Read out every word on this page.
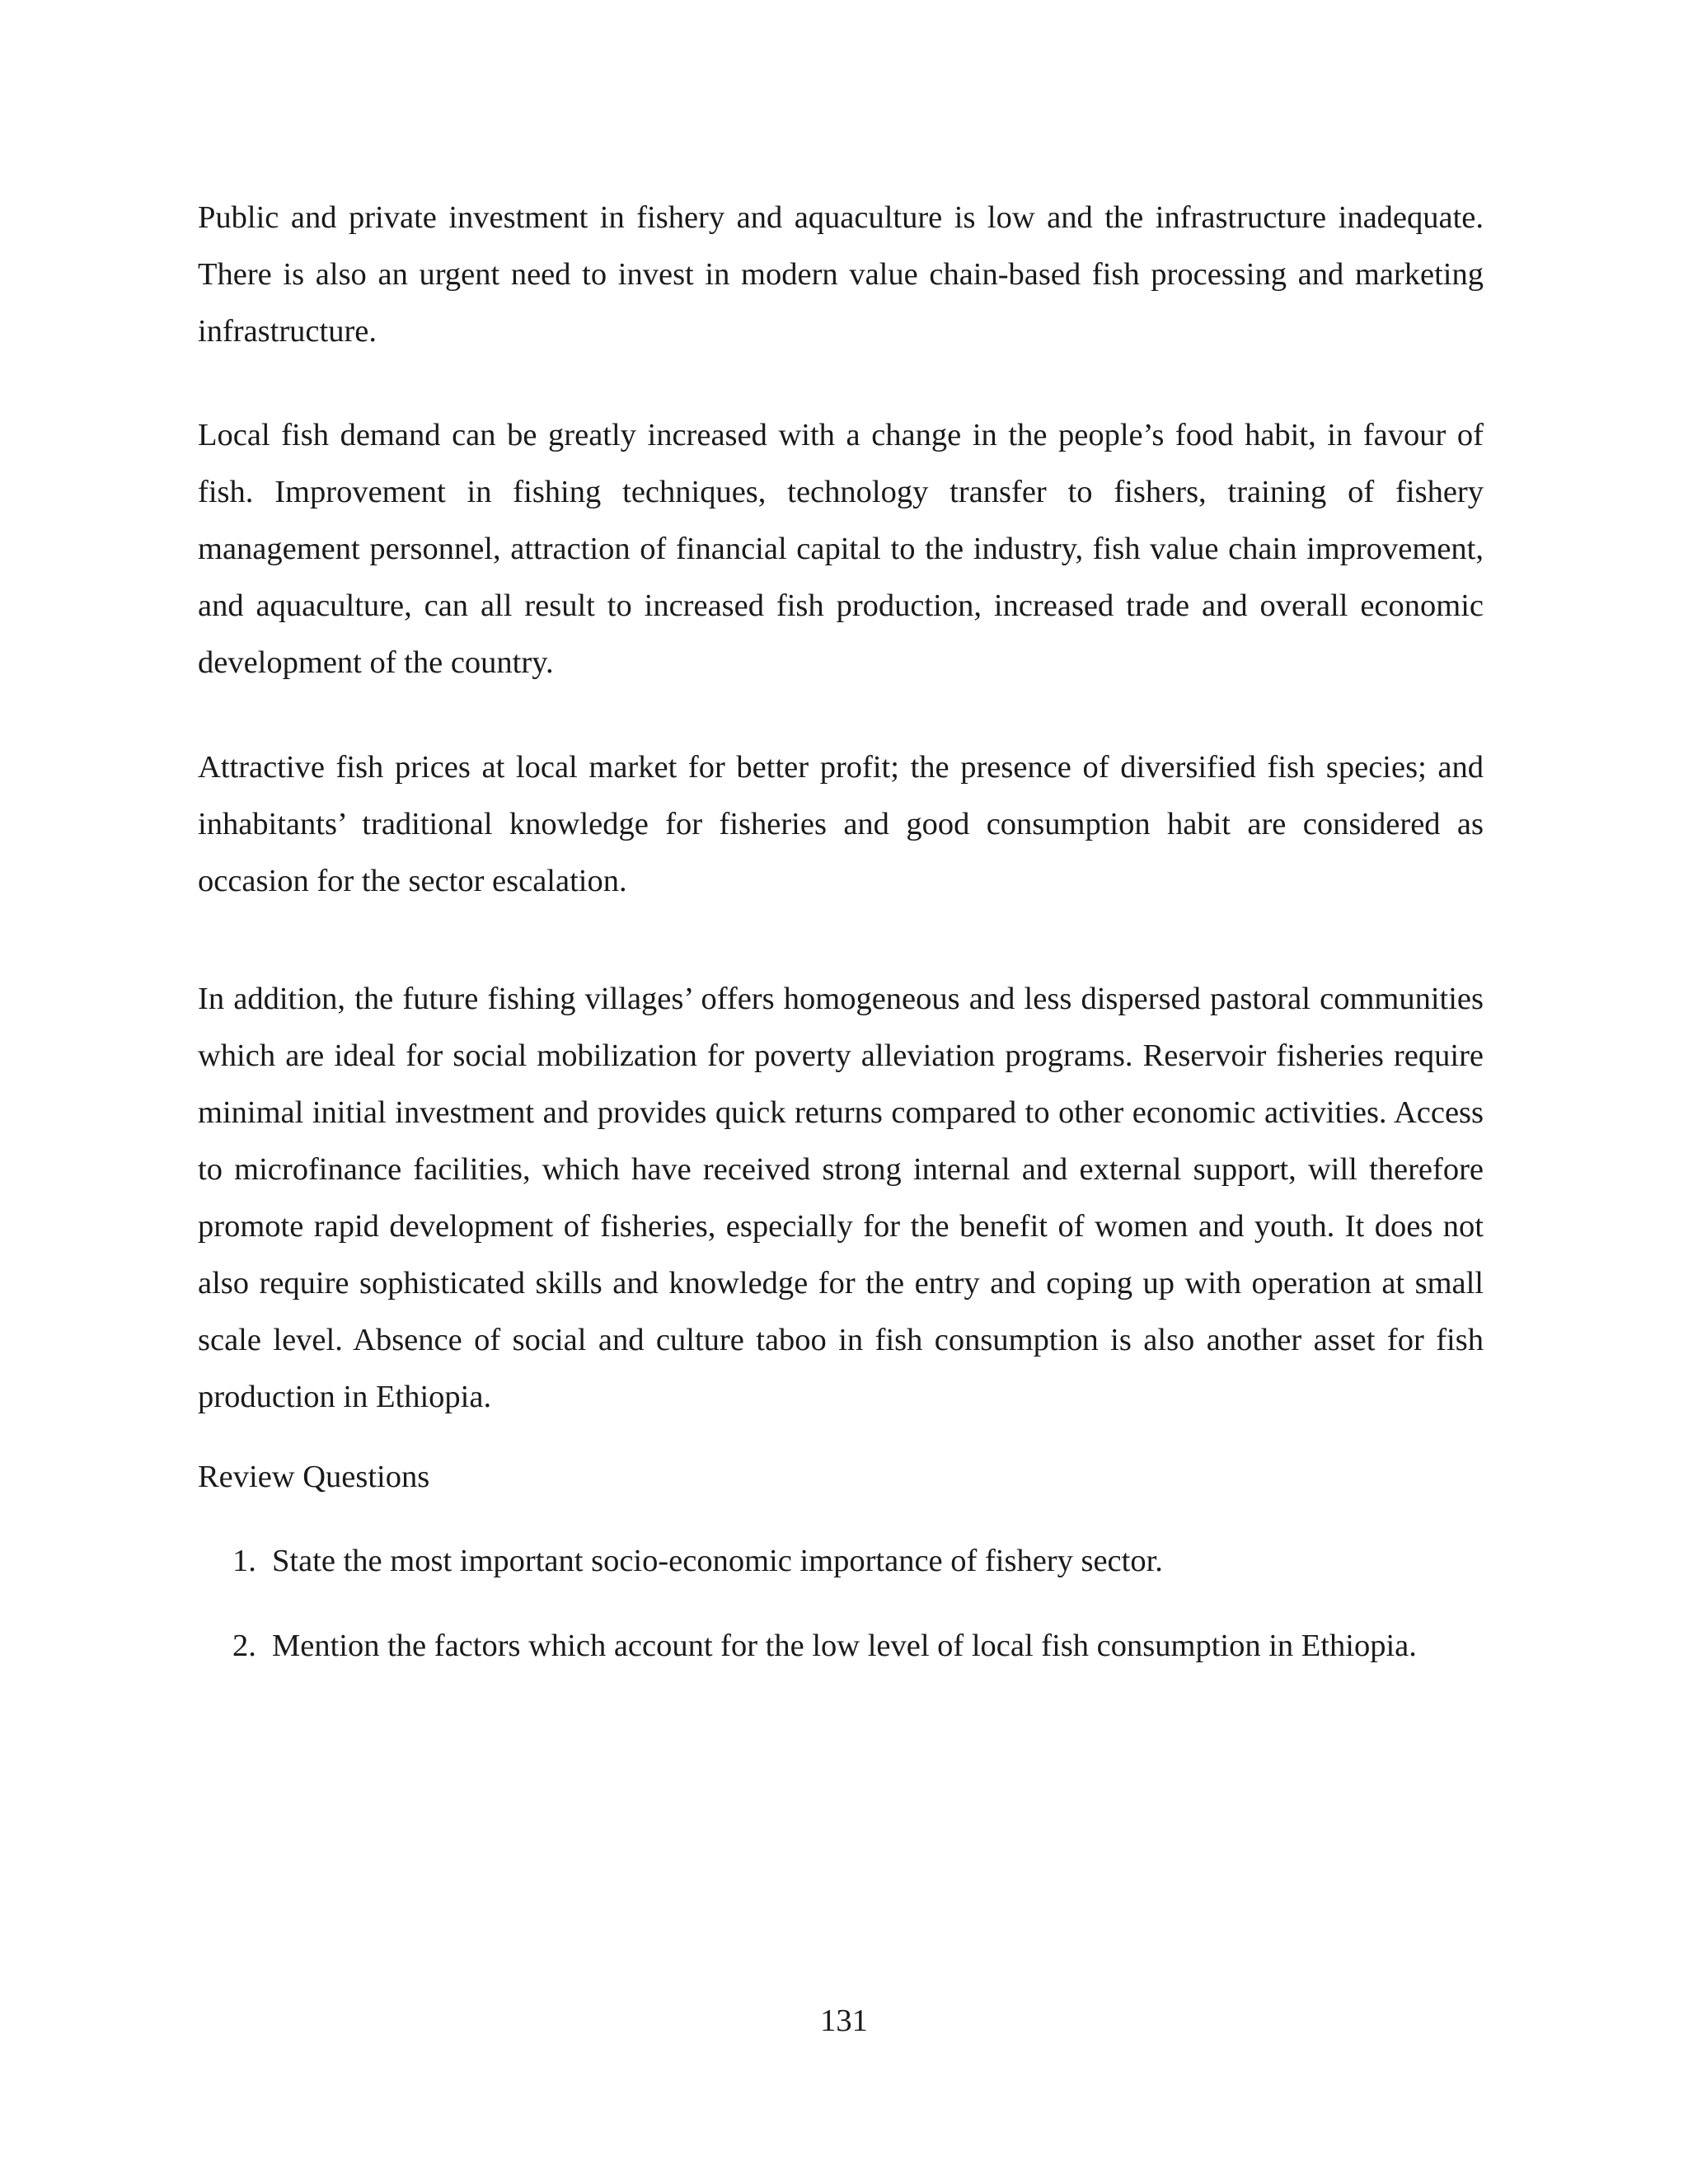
Public and private investment in fishery and aquaculture is low and the infrastructure inadequate. There is also an urgent need to invest in modern value chain-based fish processing and marketing infrastructure.

Local fish demand can be greatly increased with a change in the people’s food habit, in favour of fish. Improvement in fishing techniques, technology transfer to fishers, training of fishery management personnel, attraction of financial capital to the industry, fish value chain improvement, and aquaculture, can all result to increased fish production, increased trade and overall economic development of the country.

Attractive fish prices at local market for better profit; the presence of diversified fish species; and inhabitants’ traditional knowledge for fisheries and good consumption habit are considered as occasion for the sector escalation.

In addition, the future fishing villages’ offers homogeneous and less dispersed pastoral communities which are ideal for social mobilization for poverty alleviation programs. Reservoir fisheries require minimal initial investment and provides quick returns compared to other economic activities. Access to microfinance facilities, which have received strong internal and external support, will therefore promote rapid development of fisheries, especially for the benefit of women and youth. It does not also require sophisticated skills and knowledge for the entry and coping up with operation at small scale level. Absence of social and culture taboo in fish consumption is also another asset for fish production in Ethiopia.

Review Questions

1. State the most important socio-economic importance of fishery sector.

2. Mention the factors which account for the low level of local fish consumption in Ethiopia.

131
